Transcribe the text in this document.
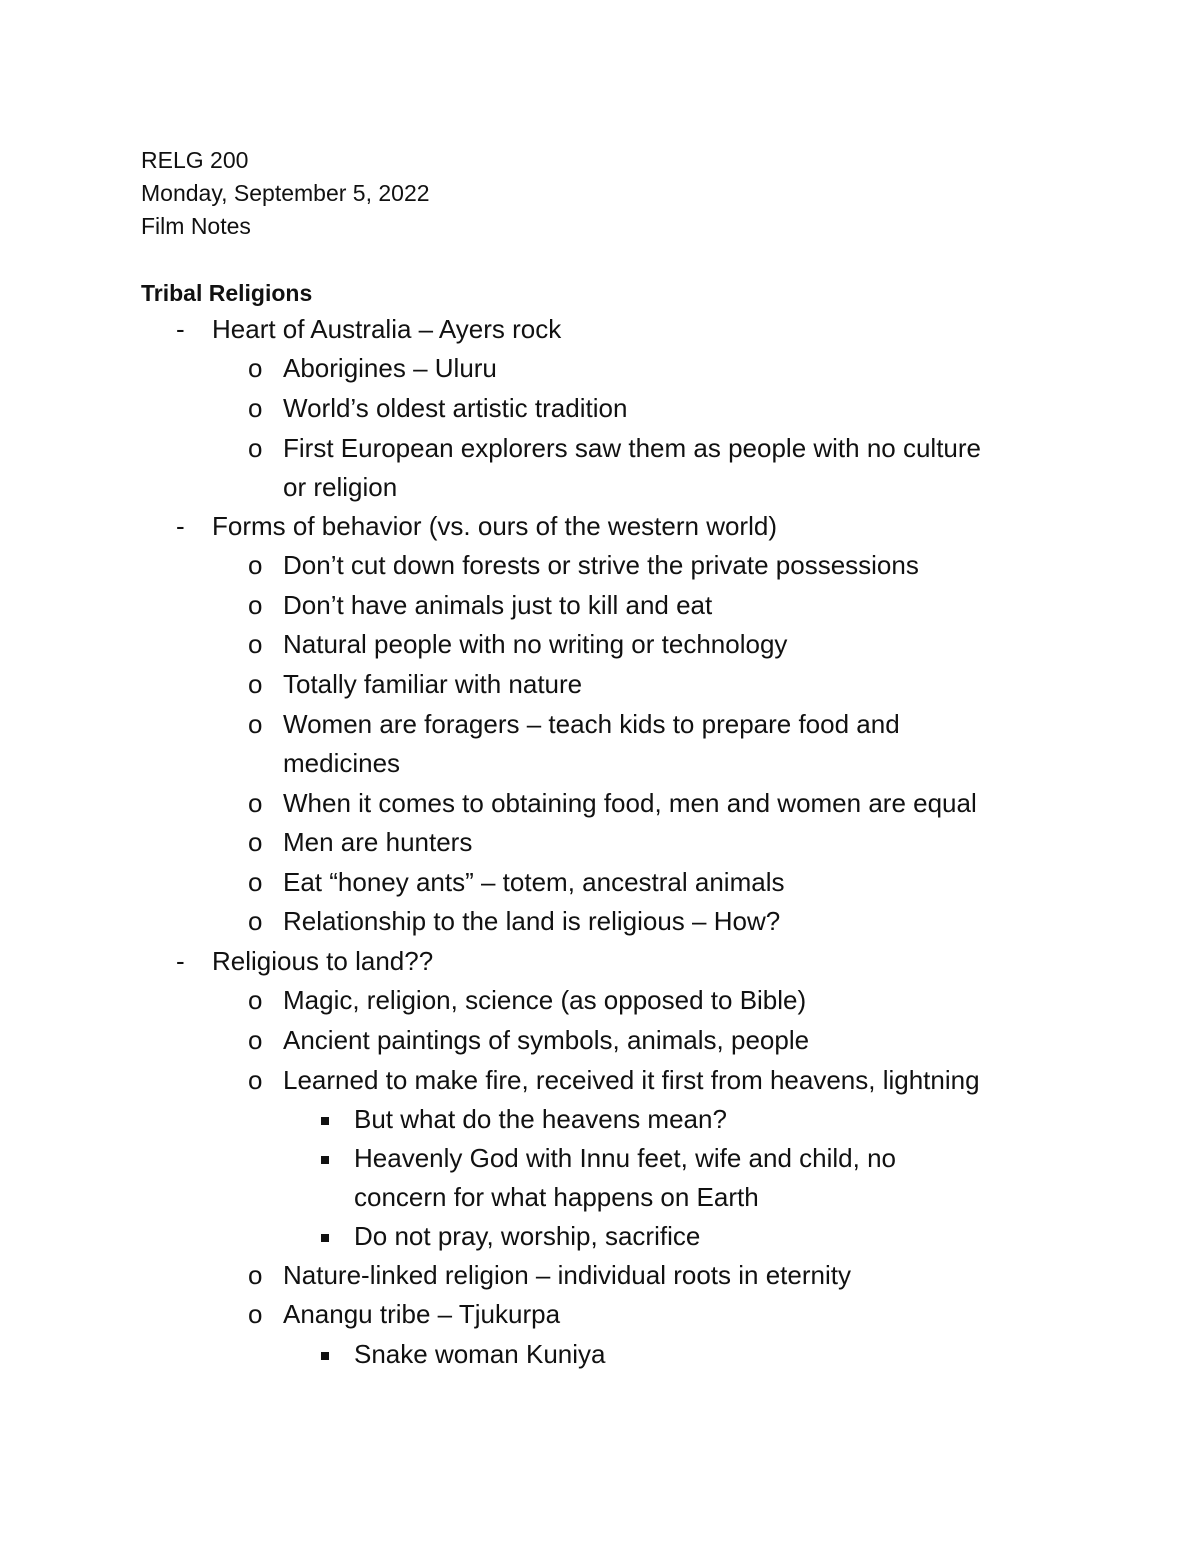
RELG 200
Monday, September 5, 2022
Film Notes
Tribal Religions
- Heart of Australia – Ayers rock
o Aborigines – Uluru
o World’s oldest artistic tradition
o First European explorers saw them as people with no culture
or religion
- Forms of behavior (vs. ours of the western world)
o Don’t cut down forests or strive the private possessions
o Don’t have animals just to kill and eat
o Natural people with no writing or technology
o Totally familiar with nature
o Women are foragers – teach kids to prepare food and
medicines
o When it comes to obtaining food, men and women are equal
o Men are hunters
o Eat “honey ants” – totem, ancestral animals
o Relationship to the land is religious – How?
- Religious to land??
o Magic, religion, science (as opposed to Bible)
o Ancient paintings of symbols, animals, people
o Learned to make fire, received it first from heavens, lightning
But what do the heavens mean?
Heavenly God with Innu feet, wife and child, no
concern for what happens on Earth
Do not pray, worship, sacrifice
o Nature-linked religion – individual roots in eternity
o Anangu tribe – Tjukurpa
Snake woman Kuniya
